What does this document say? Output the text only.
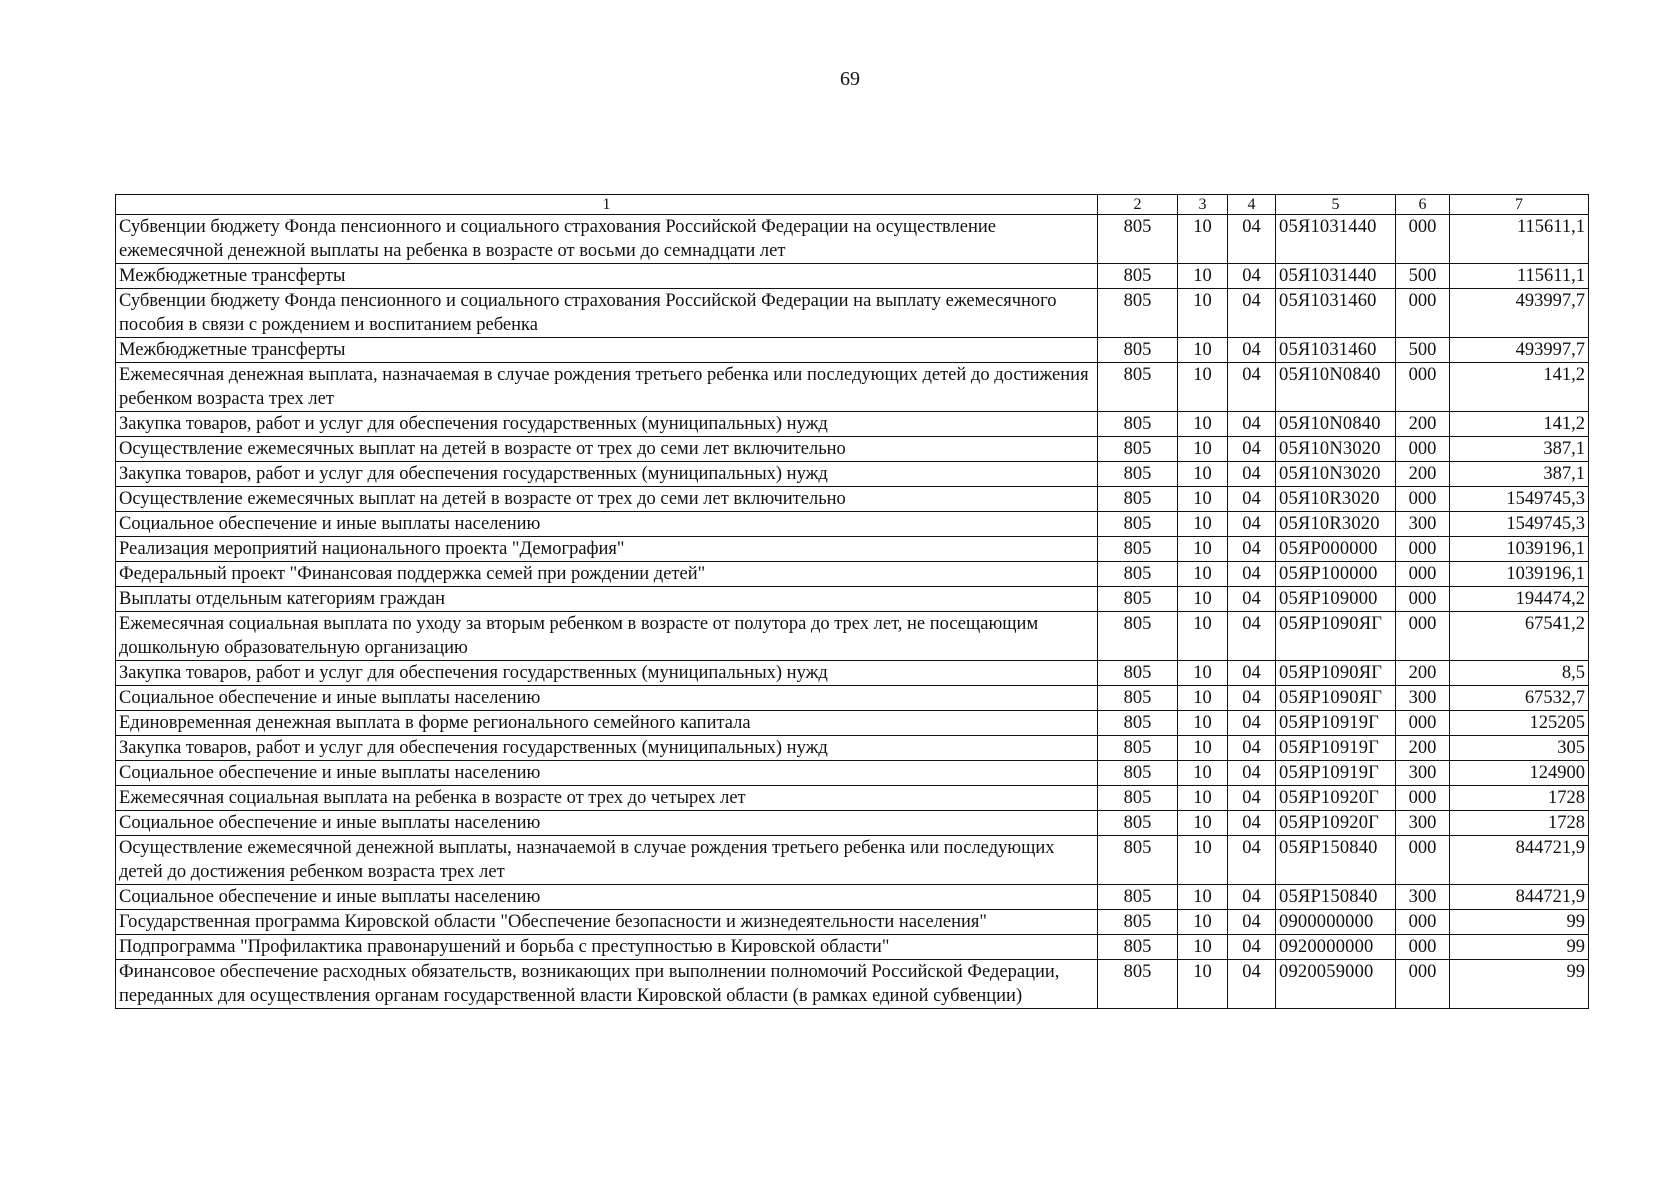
69
1	2	3	4	5	6	7
Субвенции бюджету Фонда пенсионного и социального страхования Российской Федерации на осуществление ежемесячной денежной выплаты на ребенка в возрасте от восьми до семнадцати лет	805	10	04	05Я1031440	000	115611,1
Межбюджетные трансферты	805	10	04	05Я1031440	500	115611,1
Субвенции бюджету Фонда пенсионного и социального страхования Российской Федерации на выплату ежемесячного пособия в связи с рождением и воспитанием ребенка	805	10	04	05Я1031460	000	493997,7
Межбюджетные трансферты	805	10	04	05Я1031460	500	493997,7
Ежемесячная денежная выплата, назначаемая в случае рождения третьего ребенка или последующих детей до достижения ребенком возраста трех лет	805	10	04	05Я10N0840	000	141,2
Закупка товаров, работ и услуг для обеспечения государственных (муниципальных) нужд	805	10	04	05Я10N0840	200	141,2
Осуществление ежемесячных выплат на детей в возрасте от трех до семи лет включительно	805	10	04	05Я10N3020	000	387,1
Закупка товаров, работ и услуг для обеспечения государственных (муниципальных) нужд	805	10	04	05Я10N3020	200	387,1
Осуществление ежемесячных выплат на детей в возрасте от трех до семи лет включительно	805	10	04	05Я10R3020	000	1549745,3
Социальное обеспечение и иные выплаты населению	805	10	04	05Я10R3020	300	1549745,3
Реализация мероприятий национального проекта "Демография"	805	10	04	05ЯР000000	000	1039196,1
Федеральный проект "Финансовая поддержка семей при рождении детей"	805	10	04	05ЯР100000	000	1039196,1
Выплаты отдельным категориям граждан	805	10	04	05ЯР109000	000	194474,2
Ежемесячная социальная выплата по уходу за вторым ребенком в возрасте от полутора до трех лет, не посещающим дошкольную образовательную организацию	805	10	04	05ЯР1090ЯГ	000	67541,2
Закупка товаров, работ и услуг для обеспечения государственных (муниципальных) нужд	805	10	04	05ЯР1090ЯГ	200	8,5
Социальное обеспечение и иные выплаты населению	805	10	04	05ЯР1090ЯГ	300	67532,7
Единовременная денежная выплата в форме регионального семейного капитала	805	10	04	05ЯР10919Г	000	125205
Закупка товаров, работ и услуг для обеспечения государственных (муниципальных) нужд	805	10	04	05ЯР10919Г	200	305
Социальное обеспечение и иные выплаты населению	805	10	04	05ЯР10919Г	300	124900
Ежемесячная социальная выплата на ребенка в возрасте от трех до четырех лет	805	10	04	05ЯР10920Г	000	1728
Социальное обеспечение и иные выплаты населению	805	10	04	05ЯР10920Г	300	1728
Осуществление ежемесячной денежной выплаты, назначаемой в случае рождения третьего ребенка или последующих детей до достижения ребенком возраста трех лет	805	10	04	05ЯР150840	000	844721,9
Социальное обеспечение и иные выплаты населению	805	10	04	05ЯР150840	300	844721,9
Государственная программа Кировской области "Обеспечение безопасности и жизнедеятельности населения"	805	10	04	0900000000	000	99
Подпрограмма "Профилактика правонарушений и борьба с преступностью в Кировской области"	805	10	04	0920000000	000	99
Финансовое обеспечение расходных обязательств, возникающих при выполнении полномочий Российской Федерации, переданных для осуществления органам государственной власти Кировской области (в рамках единой субвенции)	805	10	04	0920059000	000	99
